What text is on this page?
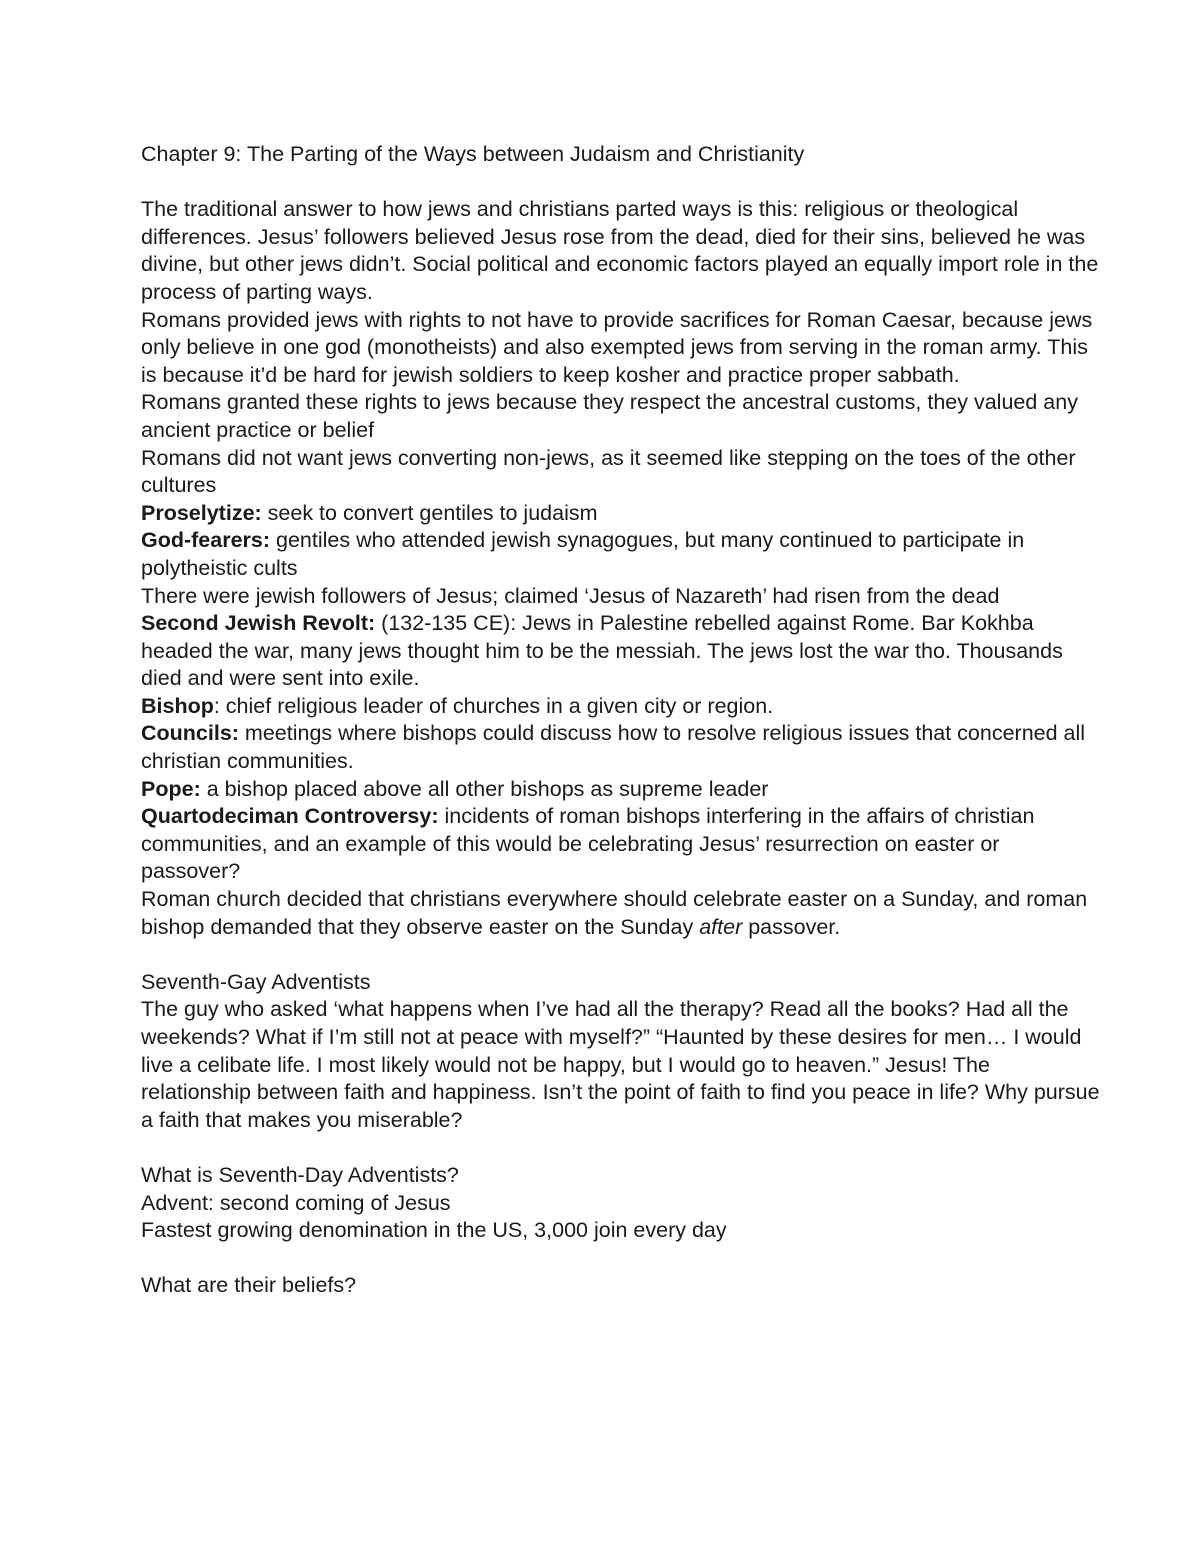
Chapter 9: The Parting of the Ways between Judaism and Christianity

The traditional answer to how jews and christians parted ways is this: religious or theological differences. Jesus’ followers believed Jesus rose from the dead, died for their sins, believed he was divine, but other jews didn’t. Social political and economic factors played an equally import role in the process of parting ways.

Romans provided jews with rights to not have to provide sacrifices for Roman Caesar, because jews only believe in one god (monotheists) and also exempted jews from serving in the roman army. This is because it’d be hard for jewish soldiers to keep kosher and practice proper sabbath.

Romans granted these rights to jews because they respect the ancestral customs, they valued any ancient practice or belief

Romans did not want jews converting non-jews, as it seemed like stepping on the toes of the other cultures

Proselytize: seek to convert gentiles to judaism

God-fearers: gentiles who attended jewish synagogues, but many continued to participate in polytheistic cults

There were jewish followers of Jesus; claimed ‘Jesus of Nazareth’ had risen from the dead

Second Jewish Revolt: (132-135 CE): Jews in Palestine rebelled against Rome. Bar Kokhba headed the war, many jews thought him to be the messiah. The jews lost the war tho. Thousands died and were sent into exile.

Bishop: chief religious leader of churches in a given city or region.

Councils: meetings where bishops could discuss how to resolve religious issues that concerned all christian communities.

Pope: a bishop placed above all other bishops as supreme leader

Quartodeciman Controversy: incidents of roman bishops interfering in the affairs of christian communities, and an example of this would be celebrating Jesus’ resurrection on easter or passover?

Roman church decided that christians everywhere should celebrate easter on a Sunday, and roman bishop demanded that they observe easter on the Sunday after passover.

Seventh-Gay Adventists

The guy who asked ‘what happens when I’ve had all the therapy? Read all the books? Had all the weekends? What if I’m still not at peace with myself?” “Haunted by these desires for men… I would live a celibate life. I most likely would not be happy, but I would go to heaven.” Jesus! The relationship between faith and happiness. Isn’t the point of faith to find you peace in life? Why pursue a faith that makes you miserable?

What is Seventh-Day Adventists?

Advent: second coming of Jesus

Fastest growing denomination in the US, 3,000 join every day

What are their beliefs?
